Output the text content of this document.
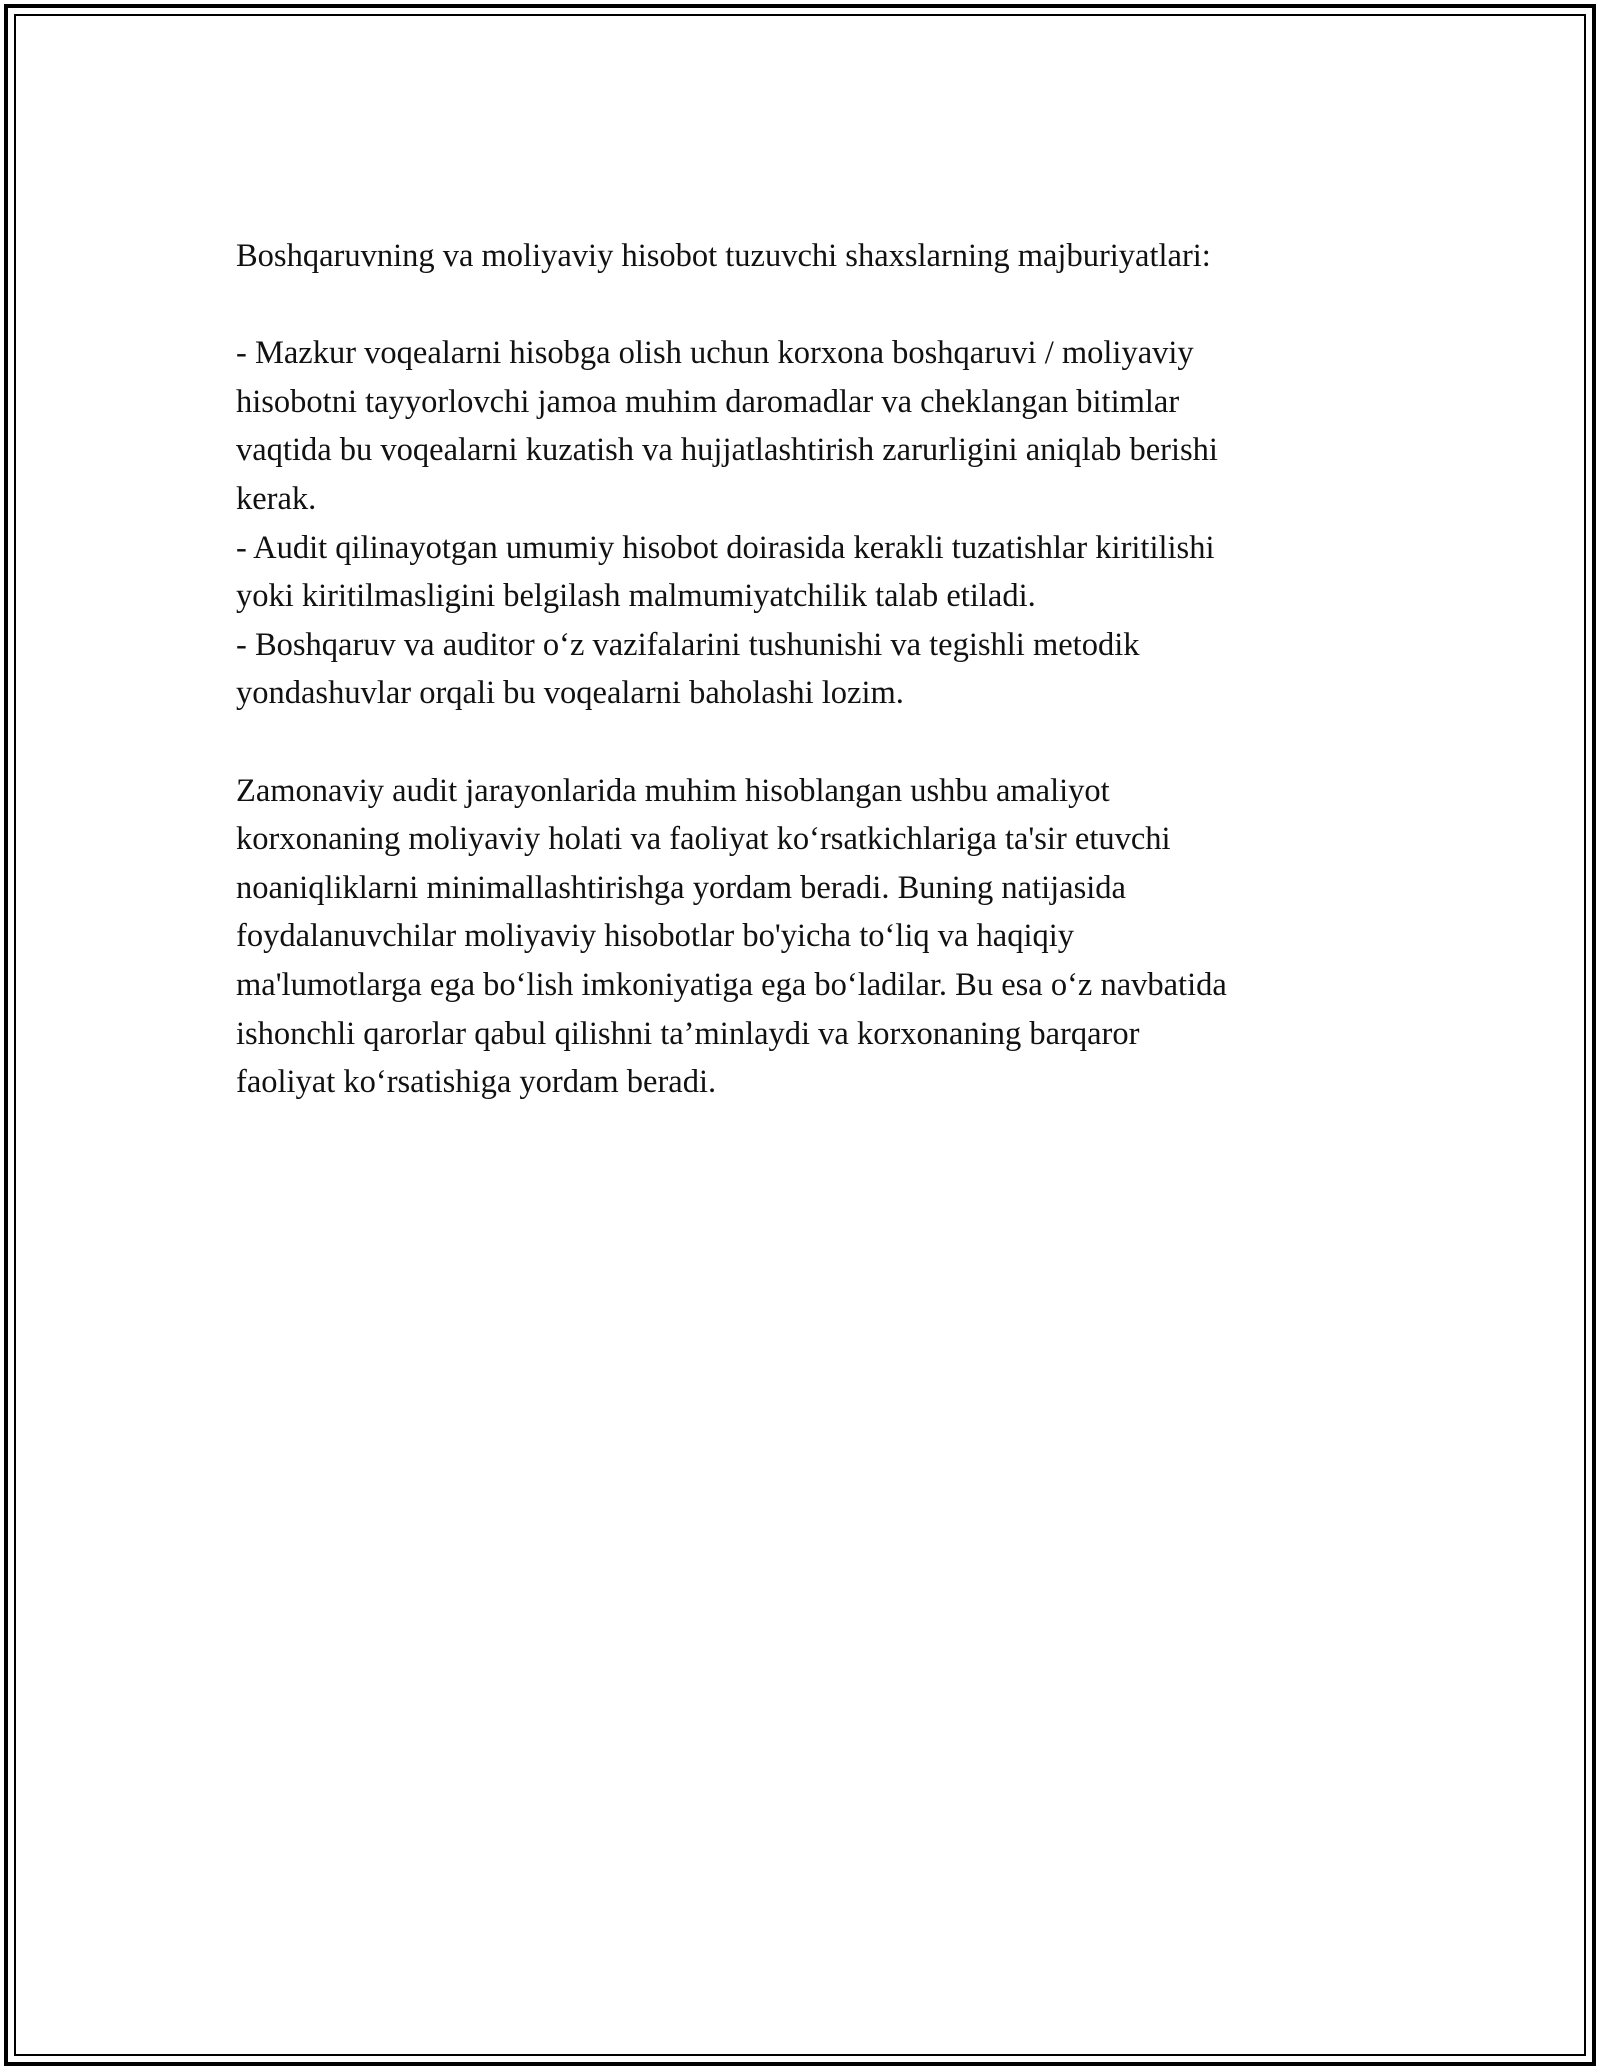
Boshqaruvning va moliyaviy hisobot tuzuvchi shaxslarning majburiyatlari:

- Mazkur voqealarni hisobga olish uchun korxona boshqaruvi / moliyaviy
hisobotni tayyorlovchi jamoa muhim daromadlar va cheklangan bitimlar
vaqtida bu voqealarni kuzatish va hujjatlashtirish zarurligini aniqlab berishi
kerak.

- Audit qilinayotgan umumiy hisobot doirasida kerakli tuzatishlar kiritilishi
yoki kiritilmasligini belgilash malmumiyatchilik talab etiladi.

- Boshqaruv va auditor o‘z vazifalarini tushunishi va tegishli metodik
yondashuvlar orqali bu voqealarni baholashi lozim.

Zamonaviy audit jarayonlarida muhim hisoblangan ushbu amaliyot
korxonaning moliyaviy holati va faoliyat ko‘rsatkichlariga ta'sir etuvchi
noaniqliklarni minimallashtirishga yordam beradi. Buning natijasida
foydalanuvchilar moliyaviy hisobotlar bo'yicha to‘liq va haqiqiy
ma'lumotlarga ega bo‘lish imkoniyatiga ega bo‘ladilar. Bu esa o‘z navbatida
ishonchli qarorlar qabul qilishni ta’minlaydi va korxonaning barqaror
faoliyat ko‘rsatishiga yordam beradi.
